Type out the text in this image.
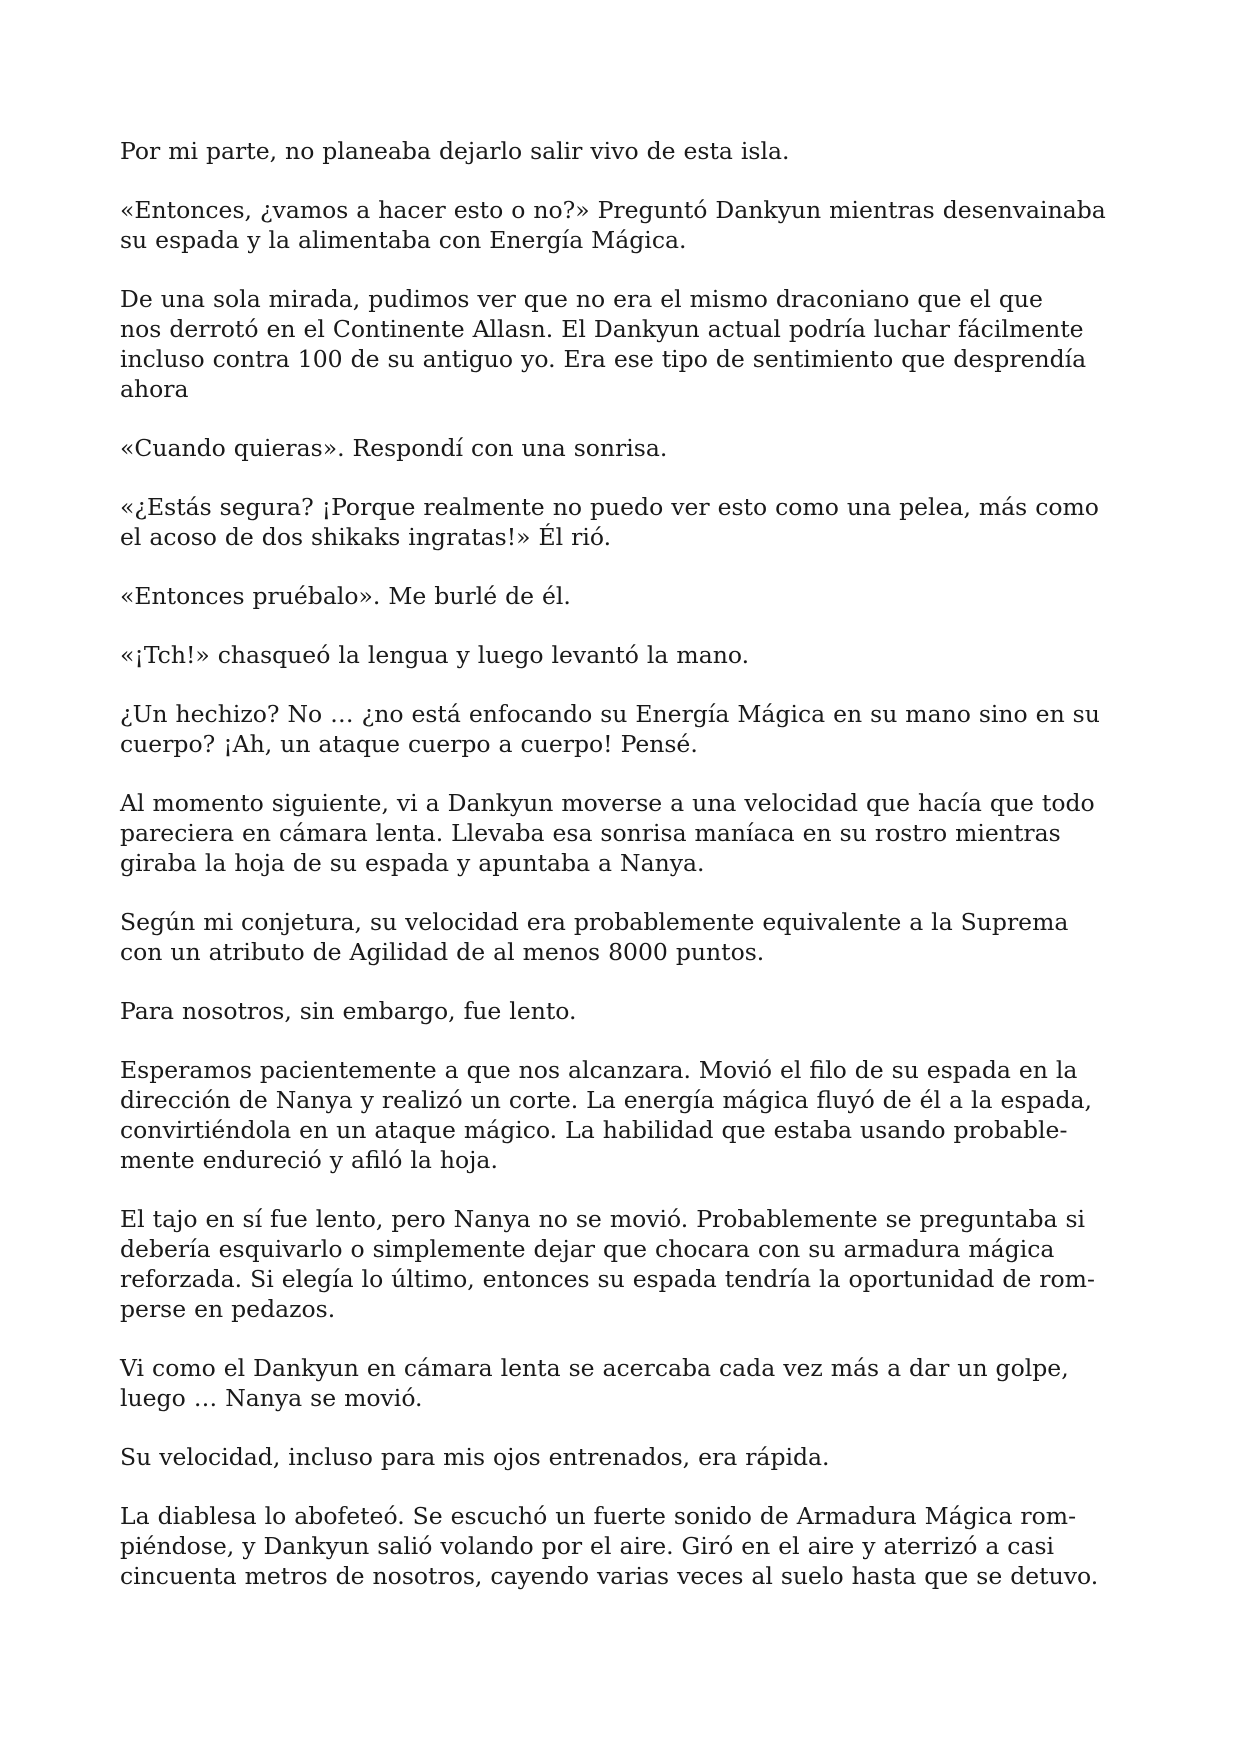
Por mi parte, no planeaba dejarlo salir vivo de esta isla.

«Entonces, ¿vamos a hacer esto o no?» Preguntó Dankyun mientras desenvainaba
su espada y la alimentaba con Energía Mágica.

De una sola mirada, pudimos ver que no era el mismo draconiano que el que
nos derrotó en el Continente Allasn. El Dankyun actual podría luchar fácilmente
incluso contra 100 de su antiguo yo. Era ese tipo de sentimiento que desprendía
ahora

«Cuando quieras». Respondí con una sonrisa.

«¿Estás segura? ¡Porque realmente no puedo ver esto como una pelea, más como
el acoso de dos shikaks ingratas!» Él rió.

«Entonces pruébalo». Me burlé de él.

«¡Tch!» chasqueó la lengua y luego levantó la mano.

¿Un hechizo? No … ¿no está enfocando su Energía Mágica en su mano sino en su
cuerpo? ¡Ah, un ataque cuerpo a cuerpo! Pensé.

Al momento siguiente, vi a Dankyun moverse a una velocidad que hacía que todo
pareciera en cámara lenta. Llevaba esa sonrisa maníaca en su rostro mientras
giraba la hoja de su espada y apuntaba a Nanya.

Según mi conjetura, su velocidad era probablemente equivalente a la Suprema
con un atributo de Agilidad de al menos 8000 puntos.

Para nosotros, sin embargo, fue lento.

Esperamos pacientemente a que nos alcanzara. Movió el filo de su espada en la
dirección de Nanya y realizó un corte. La energía mágica fluyó de él a la espada,
convirtiéndola en un ataque mágico. La habilidad que estaba usando probable-
mente endureció y afiló la hoja.

El tajo en sí fue lento, pero Nanya no se movió. Probablemente se preguntaba si
debería esquivarlo o simplemente dejar que chocara con su armadura mágica
reforzada. Si elegía lo último, entonces su espada tendría la oportunidad de rom-
perse en pedazos.

Vi como el Dankyun en cámara lenta se acercaba cada vez más a dar un golpe,
luego … Nanya se movió.

Su velocidad, incluso para mis ojos entrenados, era rápida.

La diablesa lo abofeteó. Se escuchó un fuerte sonido de Armadura Mágica rom-
piéndose, y Dankyun salió volando por el aire. Giró en el aire y aterrizó a casi
cincuenta metros de nosotros, cayendo varias veces al suelo hasta que se detuvo.
